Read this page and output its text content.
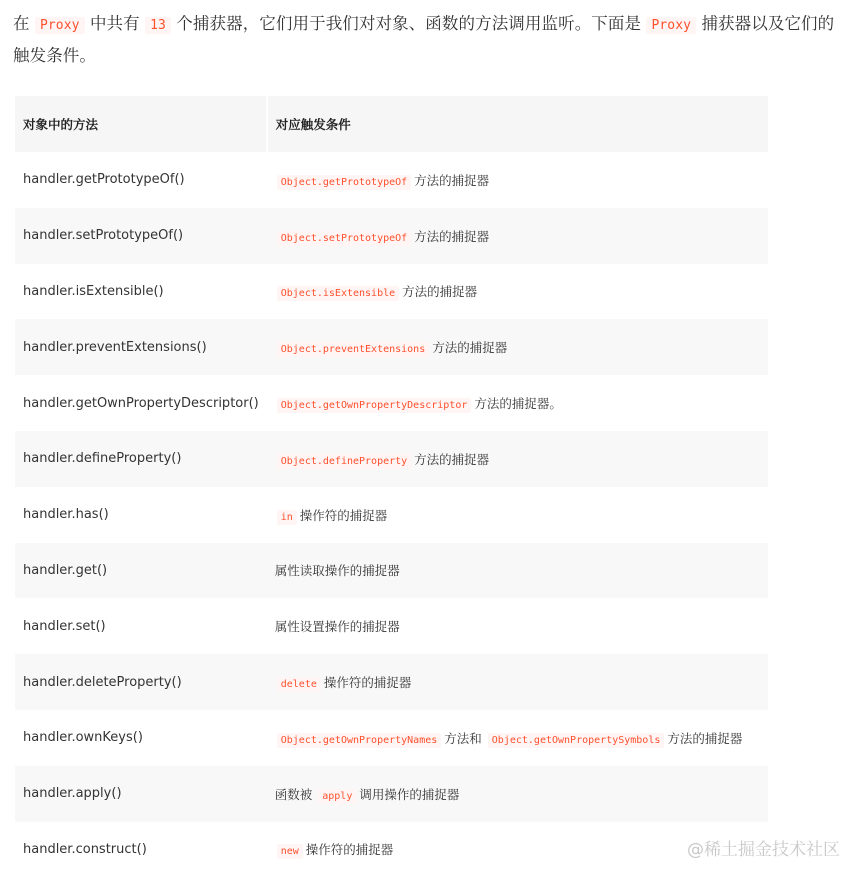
在 Proxy 中共有 13 个捕获器，它们用于我们对对象、函数的方法调用监听。下面是 Proxy 捕获器以及它们的触发条件。

对象中的方法	对应触发条件
handler.getPrototypeOf()	Object.getPrototypeOf 方法的捕捉器
handler.setPrototypeOf()	Object.setPrototypeOf 方法的捕捉器
handler.isExtensible()	Object.isExtensible 方法的捕捉器
handler.preventExtensions()	Object.preventExtensions 方法的捕捉器
handler.getOwnPropertyDescriptor()	Object.getOwnPropertyDescriptor 方法的捕捉器。
handler.defineProperty()	Object.defineProperty 方法的捕捉器
handler.has()	in 操作符的捕捉器
handler.get()	属性读取操作的捕捉器
handler.set()	属性设置操作的捕捉器
handler.deleteProperty()	delete 操作符的捕捉器
handler.ownKeys()	Object.getOwnPropertyNames 方法和 Object.getOwnPropertySymbols 方法的捕捉器
handler.apply()	函数被 apply 调用操作的捕捉器
handler.construct()	new 操作符的捕捉器	@稀土掘金技术社区
